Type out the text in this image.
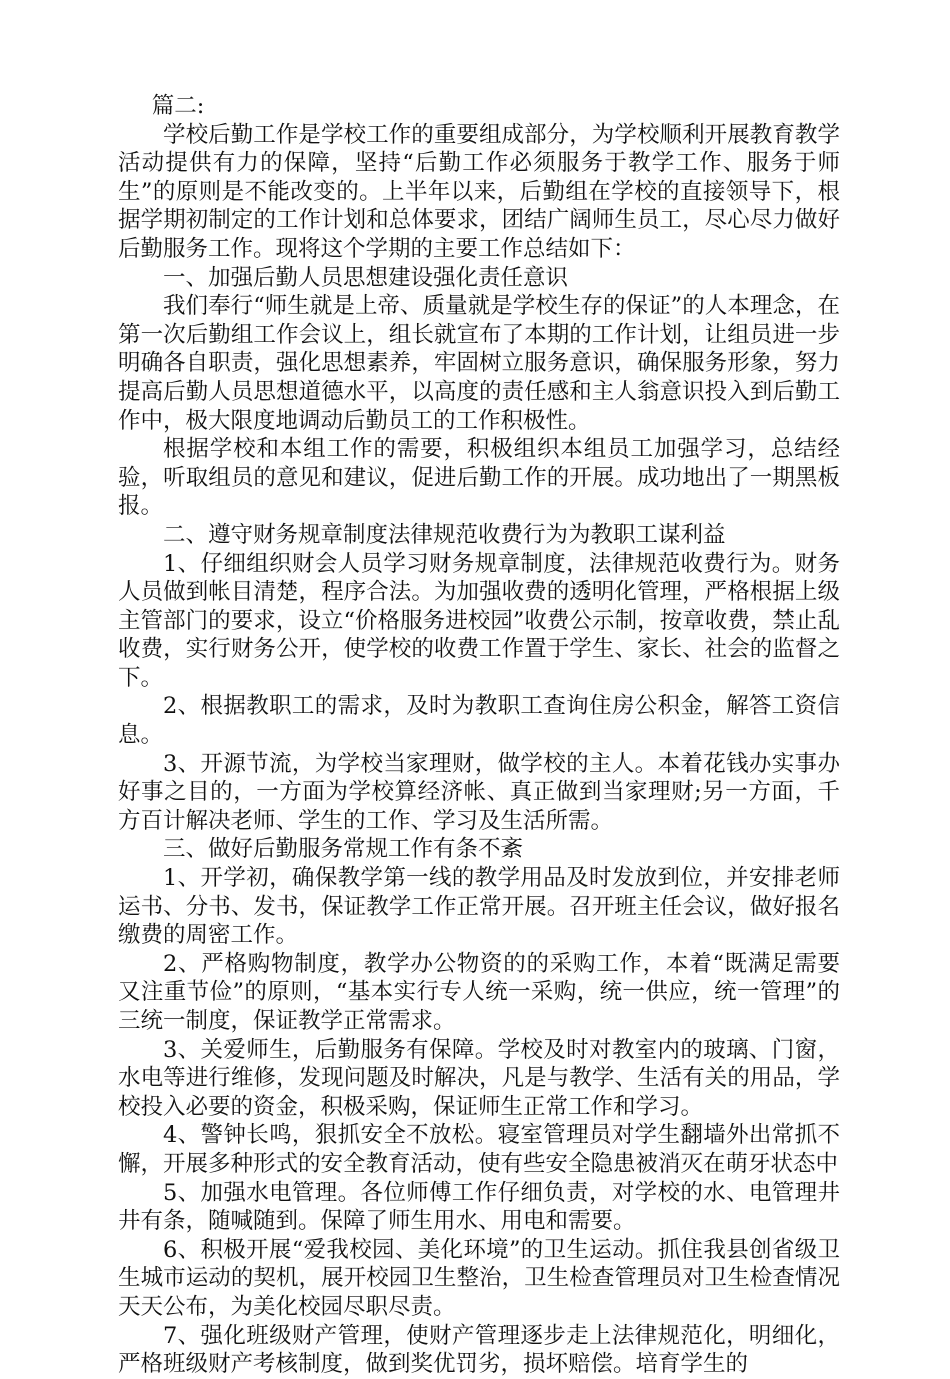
篇二:

学校后勤工作是学校工作的重要组成部分，为学校顺利开展教育教学活动提供有力的保障，坚持“后勤工作必须服务于教学工作、服务于师生”的原则是不能改变的。上半年以来，后勤组在学校的直接领导下，根据学期初制定的工作计划和总体要求，团结广阔师生员工，尽心尽力做好后勤服务工作。现将这个学期的主要工作总结如下：

一、加强后勤人员思想建设强化责任意识

我们奉行“师生就是上帝、质量就是学校生存的保证”的人本理念，在第一次后勤组工作会议上，组长就宣布了本期的工作计划，让组员进一步明确各自职责，强化思想素养，牢固树立服务意识，确保服务形象，努力提高后勤人员思想道德水平，以高度的责任感和主人翁意识投入到后勤工作中，极大限度地调动后勤员工的工作积极性。

根据学校和本组工作的需要，积极组织本组员工加强学习，总结经验，听取组员的意见和建议，促进后勤工作的开展。成功地出了一期黑板报。

二、遵守财务规章制度法律规范收费行为为教职工谋利益

1、仔细组织财会人员学习财务规章制度，法律规范收费行为。财务人员做到帐目清楚，程序合法。为加强收费的透明化管理，严格根据上级主管部门的要求，设立“价格服务进校园”收费公示制，按章收费，禁止乱收费，实行财务公开，使学校的收费工作置于学生、家长、社会的监督之下。

2、根据教职工的需求，及时为教职工查询住房公积金，解答工资信息。

3、开源节流，为学校当家理财，做学校的主人。本着花钱办实事办好事之目的，一方面为学校算经济帐、真正做到当家理财;另一方面，千方百计解决老师、学生的工作、学习及生活所需。

三、做好后勤服务常规工作有条不紊

1、开学初，确保教学第一线的教学用品及时发放到位，并安排老师运书、分书、发书，保证教学工作正常开展。召开班主任会议，做好报名缴费的周密工作。

2、严格购物制度，教学办公物资的的采购工作，本着“既满足需要又注重节俭”的原则，“基本实行专人统一采购，统一供应，统一管理”的三统一制度，保证教学正常需求。

3、关爱师生，后勤服务有保障。学校及时对教室内的玻璃、门窗，水电等进行维修，发现问题及时解决，凡是与教学、生活有关的用品，学校投入必要的资金，积极采购，保证师生正常工作和学习。

4、警钟长鸣，狠抓安全不放松。寝室管理员对学生翻墙外出常抓不懈，开展多种形式的安全教育活动，使有些安全隐患被消灭在萌牙状态中

5、加强水电管理。各位师傅工作仔细负责，对学校的水、电管理井井有条，随喊随到。保障了师生用水、用电和需要。

6、积极开展“爱我校园、美化环境”的卫生运动。抓住我县创省级卫生城市运动的契机，展开校园卫生整治，卫生检查管理员对卫生检查情况天天公布，为美化校园尽职尽责。

7、强化班级财产管理，使财产管理逐步走上法律规范化，明细化，严格班级财产考核制度，做到奖优罚劣，损坏赔偿。培育学生的
